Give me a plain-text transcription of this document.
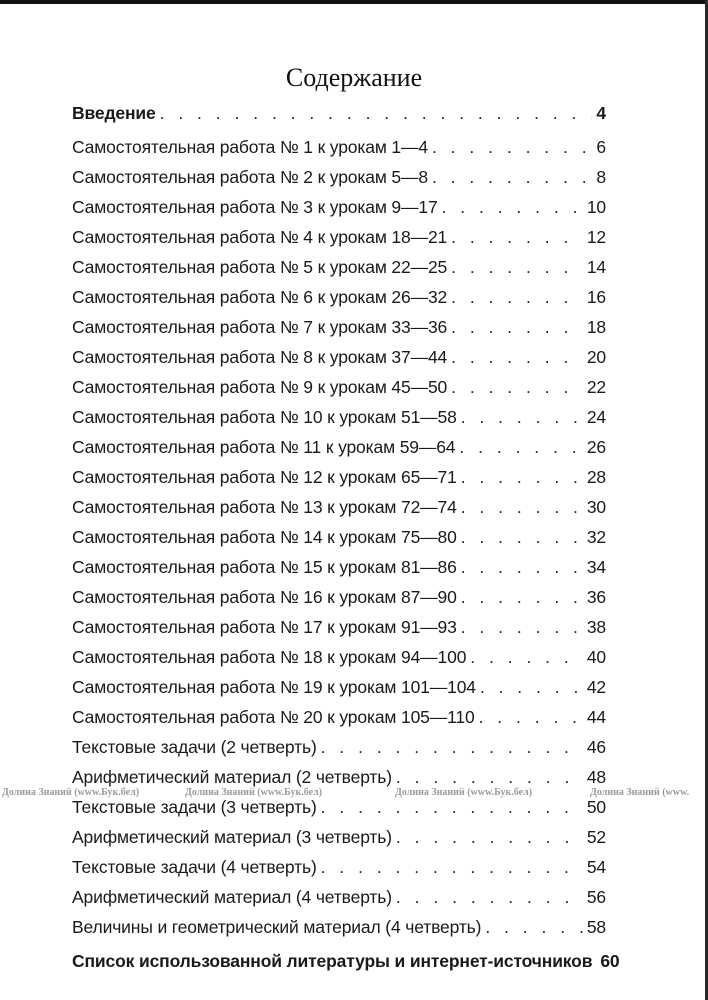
Содержание
Введение . . .	4
Самостоятельная работа № 1 к урокам 1—4 . . .	6
Самостоятельная работа № 2 к урокам 5—8 . . .	8
Самостоятельная работа № 3 к урокам 9—17 . . .	10
Самостоятельная работа № 4 к урокам 18—21 . . .	12
Самостоятельная работа № 5 к урокам 22—25 . . .	14
Самостоятельная работа № 6 к урокам 26—32 . . .	16
Самостоятельная работа № 7 к урокам 33—36 . . .	18
Самостоятельная работа № 8 к урокам 37—44 . . .	20
Самостоятельная работа № 9 к урокам 45—50 . . .	22
Самостоятельная работа № 10 к урокам 51—58 . . .	24
Самостоятельная работа № 11 к урокам 59—64 . . .	26
Самостоятельная работа № 12 к урокам 65—71 . . .	28
Самостоятельная работа № 13 к урокам 72—74 . . .	30
Самостоятельная работа № 14 к урокам 75—80 . . .	32
Самостоятельная работа № 15 к урокам 81—86 . . .	34
Самостоятельная работа № 16 к урокам 87—90 . . .	36
Самостоятельная работа № 17 к урокам 91—93 . . .	38
Самостоятельная работа № 18 к урокам 94—100 . . .	40
Самостоятельная работа № 19 к урокам 101—104 . . .	42
Самостоятельная работа № 20 к урокам 105—110 . . .	44
Текстовые задачи (2 четверть) . . .	46
Арифметический материал (2 четверть) . . .	48
Текстовые задачи (3 четверть) . . .	50
Арифметический материал (3 четверть) . . .	52
Текстовые задачи (4 четверть) . . .	54
Арифметический материал (4 четверть) . . .	56
Величины и геометрический материал (4 четверть) . . .	58
Список использованной литературы и интернет-источников 60
Долина Знаний (www.Бук.бел)	Долина Знаний (www.Бук.бел)	Долина Знаний (www.Бук.бел)	Долина Знаний (www.
